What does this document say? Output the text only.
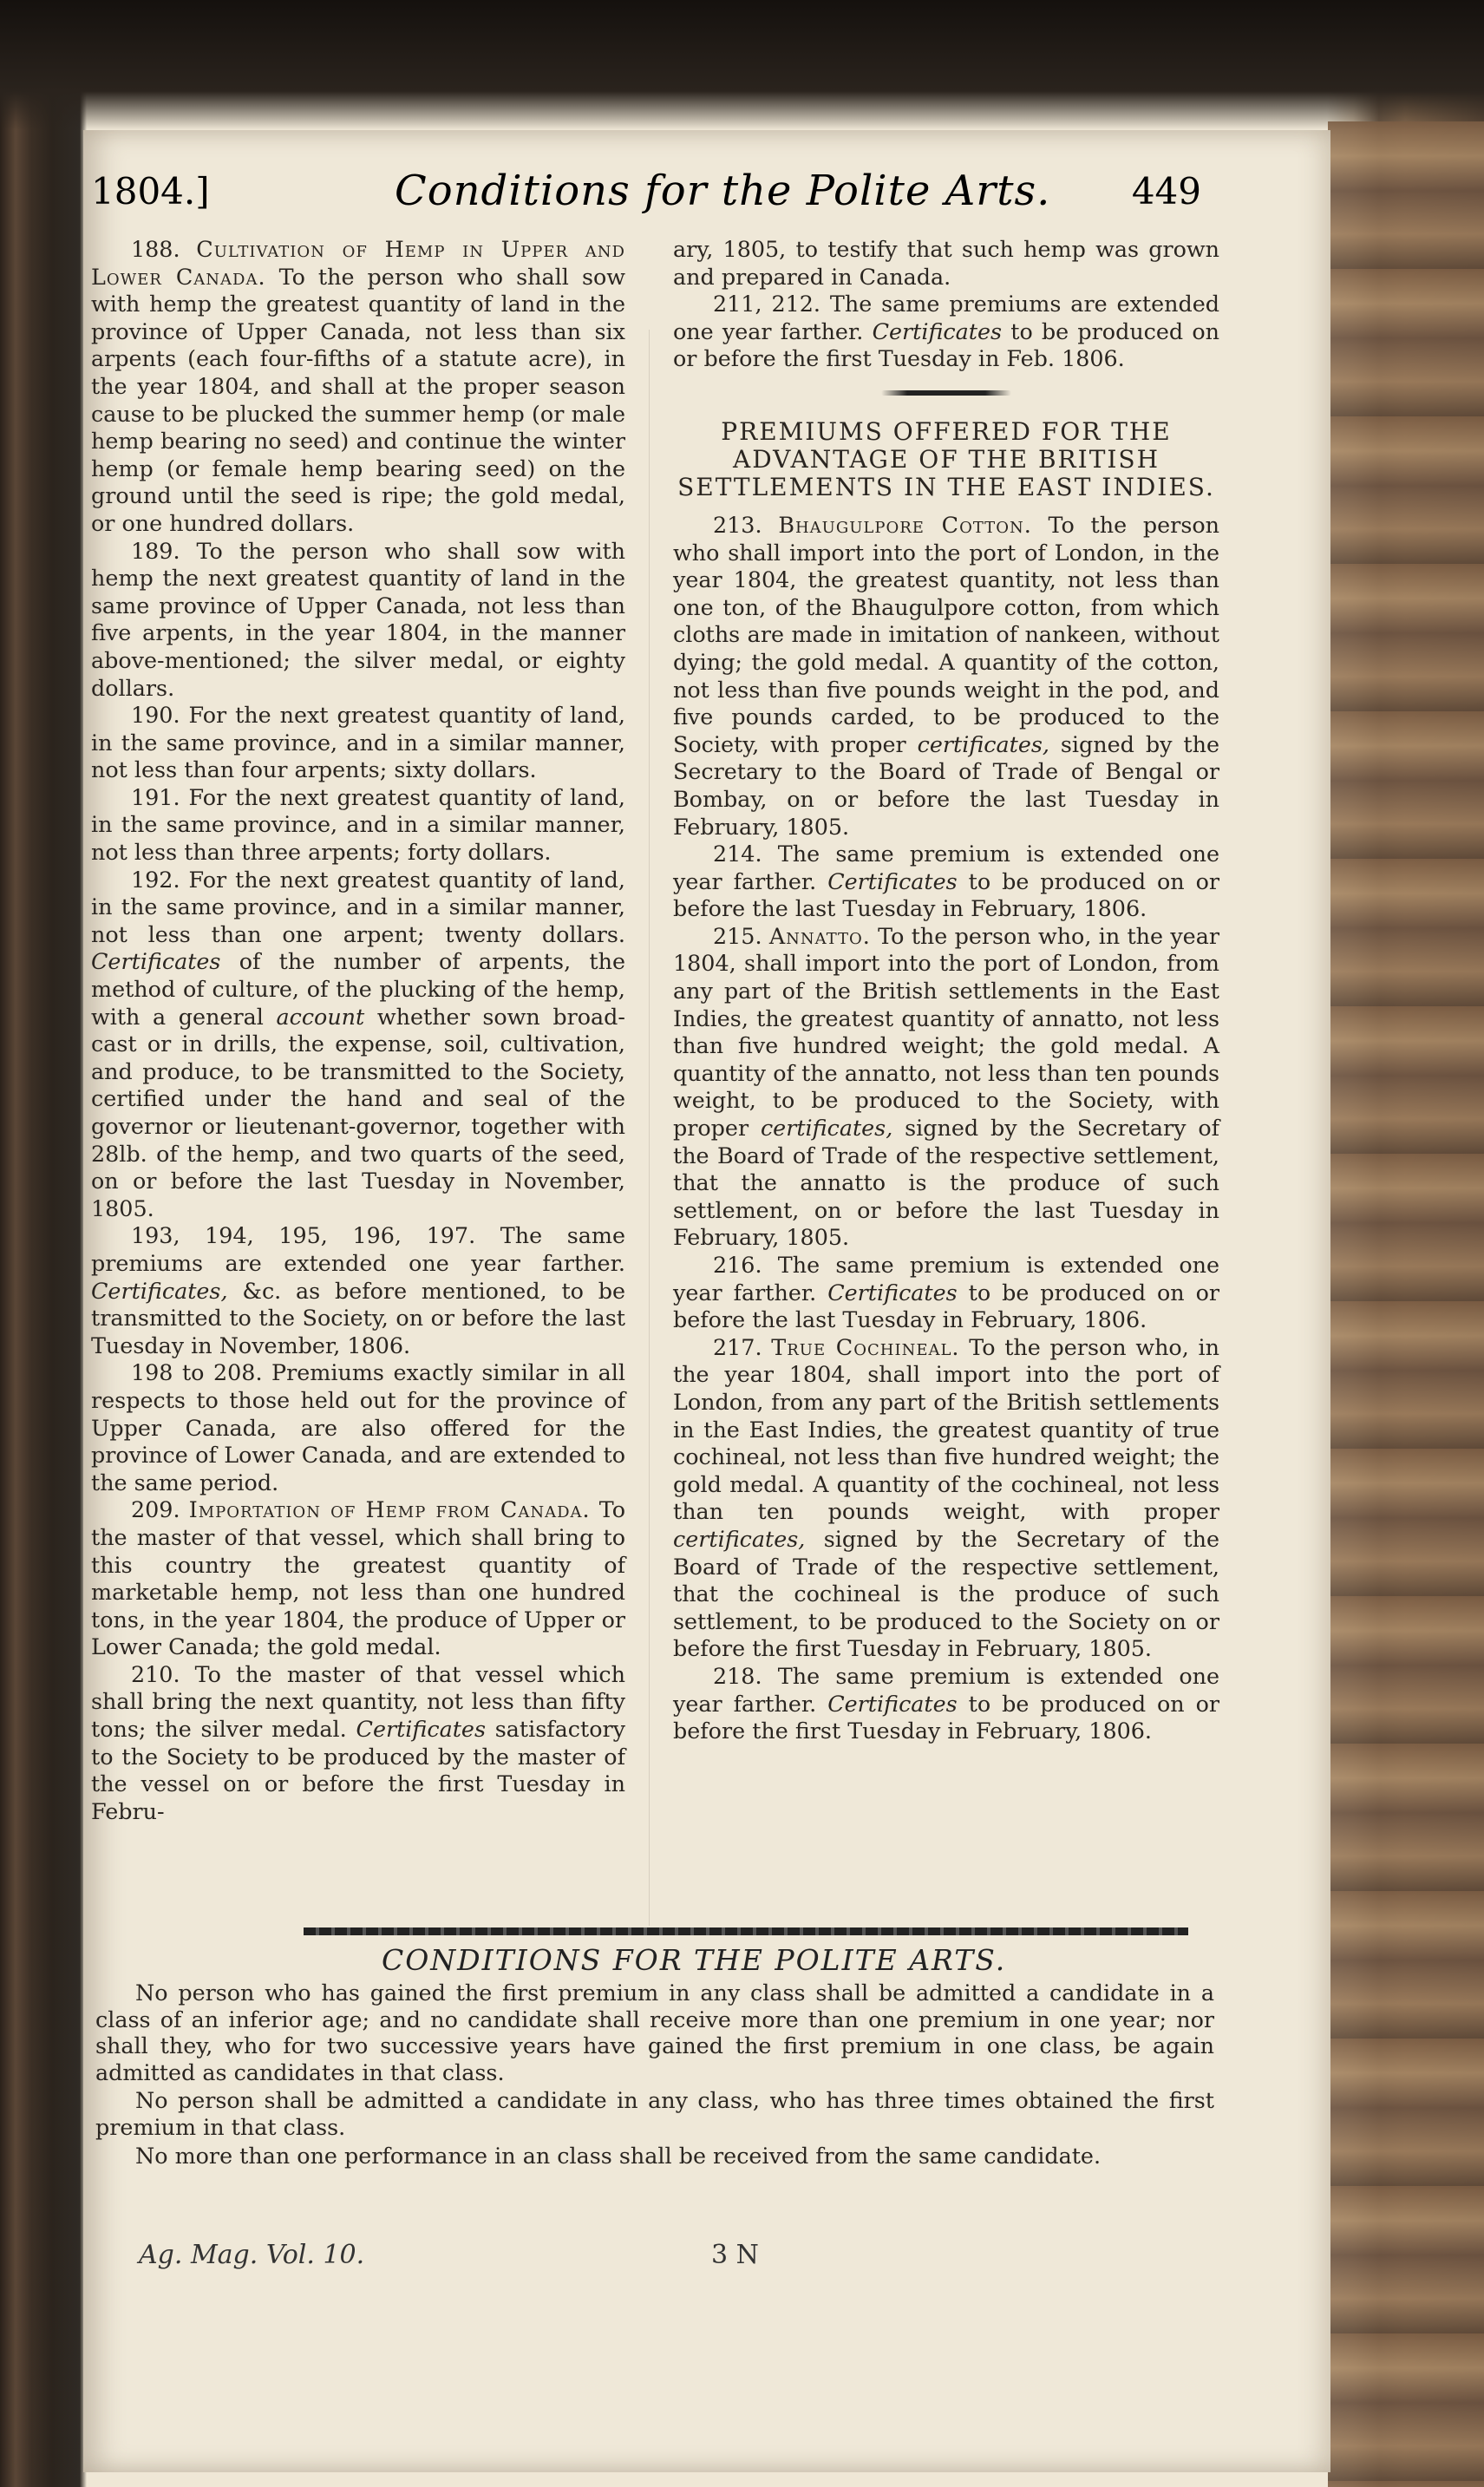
1804.]	Conditions for the Polite Arts. 449

188. Cultivation of Hemp in Upper and Lower Canada. To the person who shall sow with hemp the greatest quantity of land in the province of Upper Canada, not less than six arpents (each four-fifths of a statute acre), in the year 1804, and shall at the proper season cause to be plucked the summer hemp (or male hemp bearing no seed) and continue the winter hemp (or female hemp bearing seed) on the ground until the seed is ripe; the gold medal, or one hundred dollars.

189. To the person who shall sow with hemp the next greatest quantity of land in the same province of Upper Canada, not less than five arpents, in the year 1804, in the manner above-mentioned; the silver medal, or eighty dollars.

190. For the next greatest quantity of land, in the same province, and in a similar manner, not less than four arpents; sixty dollars.

191. For the next greatest quantity of land, in the same province, and in a similar manner, not less than three arpents; forty dollars.

192. For the next greatest quantity of land, in the same province, and in a similar manner, not less than one arpent; twenty dollars. Certificates of the number of arpents, the method of culture, of the plucking of the hemp, with a general account whether sown broad-cast or in drills, the expense, soil, cultivation, and produce, to be transmitted to the Society, certified under the hand and seal of the governor or lieutenant-governor, together with 28lb. of the hemp, and two quarts of the seed, on or before the last Tuesday in November, 1805.

193, 194, 195, 196, 197. The same premiums are extended one year farther. Certificates, &c. as before mentioned, to be transmitted to the Society, on or before the last Tuesday in November, 1806.

198 to 208. Premiums exactly similar in all respects to those held out for the province of Upper Canada, are also offered for the province of Lower Canada, and are extended to the same period.

209. Importation of Hemp from Canada. To the master of that vessel, which shall bring to this country the greatest quantity of marketable hemp, not less than one hundred tons, in the year 1804, the produce of Upper or Lower Canada; the gold medal.

210. To the master of that vessel which shall bring the next quantity, not less than fifty tons; the silver medal. Certificates satisfactory to the Society to be produced by the master of the vessel on or before the first Tuesday in Febru-

ary, 1805, to testify that such hemp was grown and prepared in Canada.

211, 212. The same premiums are extended one year farther. Certificates to be produced on or before the first Tuesday in Feb. 1806.

PREMIUMS OFFERED FOR THE ADVANTAGE OF THE BRITISH SETTLEMENTS IN THE EAST INDIES.

213. Bhaugulpore Cotton. To the person who shall import into the port of London, in the year 1804, the greatest quantity, not less than one ton, of the Bhaugulpore cotton, from which cloths are made in imitation of nankeen, without dying; the gold medal. A quantity of the cotton, not less than five pounds weight in the pod, and five pounds carded, to be produced to the Society, with proper certificates, signed by the Secretary to the Board of Trade of Bengal or Bombay, on or before the last Tuesday in February, 1805.

214. The same premium is extended one year farther. Certificates to be produced on or before the last Tuesday in February, 1806.

215. Annatto. To the person who, in the year 1804, shall import into the port of London, from any part of the British settlements in the East Indies, the greatest quantity of annatto, not less than five hundred weight; the gold medal. A quantity of the annatto, not less than ten pounds weight, to be produced to the Society, with proper certificates, signed by the Secretary of the Board of Trade of the respective settlement, that the annatto is the produce of such settlement, on or before the last Tuesday in February, 1805.

216. The same premium is extended one year farther. Certificates to be produced on or before the last Tuesday in February, 1806.

217. True Cochineal. To the person who, in the year 1804, shall import into the port of London, from any part of the British settlements in the East Indies, the greatest quantity of true cochineal, not less than five hundred weight; the gold medal. A quantity of the cochineal, not less than ten pounds weight, with proper certificates, signed by the Secretary of the Board of Trade of the respective settlement, that the cochineal is the produce of such settlement, to be produced to the Society on or before the first Tuesday in February, 1805.

218. The same premium is extended one year farther. Certificates to be produced on or before the first Tuesday in February, 1806.

CONDITIONS FOR THE POLITE ARTS.

No person who has gained the first premium in any class shall be admitted a candidate in a class of an inferior age; and no candidate shall receive more than one premium in one year; nor shall they, who for two successive years have gained the first premium in one class, be again admitted as candidates in that class.

No person shall be admitted a candidate in any class, who has three times obtained the first premium in that class.

No more than one performance in an class shall be received from the same candidate.

Ag. Mag. Vol. 10.	3 N
